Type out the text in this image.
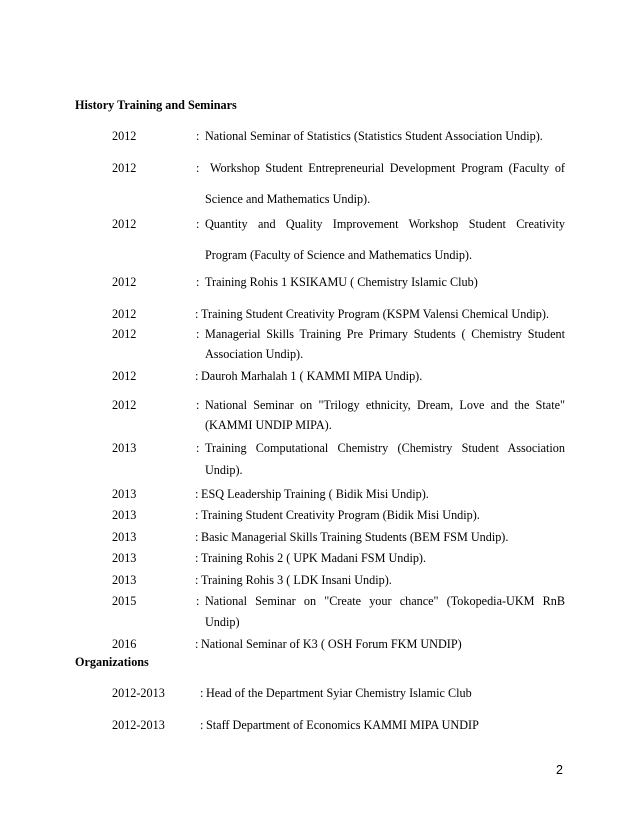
History Training and Seminars
2012	: National Seminar of Statistics (Statistics Student Association Undip).
2012	: Workshop Student Entrepreneurial Development Program (Faculty of
Science and Mathematics Undip).
2012	: Quantity and Quality Improvement Workshop Student Creativity
Program (Faculty of Science and Mathematics Undip).
2012	: Training Rohis 1 KSIKAMU ( Chemistry Islamic Club)
2012	: Training Student Creativity Program (KSPM Valensi Chemical Undip).
2012	: Managerial Skills Training Pre Primary Students ( Chemistry Student
Association Undip).
2012	: Dauroh Marhalah 1 ( KAMMI MIPA Undip).
2012	: National Seminar on "Trilogy ethnicity, Dream, Love and the State"
(KAMMI UNDIP MIPA).
2013	: Training Computational Chemistry (Chemistry Student Association
Undip).
2013	: ESQ Leadership Training ( Bidik Misi Undip).
2013	: Training Student Creativity Program (Bidik Misi Undip).
2013	: Basic Managerial Skills Training Students (BEM FSM Undip).
2013	: Training Rohis 2 ( UPK Madani FSM Undip).
2013	: Training Rohis 3 ( LDK Insani Undip).
2015	: National Seminar on "Create your chance" (Tokopedia-UKM RnB
Undip)
2016	: National Seminar of K3 ( OSH Forum FKM UNDIP)
Organizations
2012-2013	: Head of the Department Syiar Chemistry Islamic Club
2012-2013	: Staff Department of Economics KAMMI MIPA UNDIP
2
